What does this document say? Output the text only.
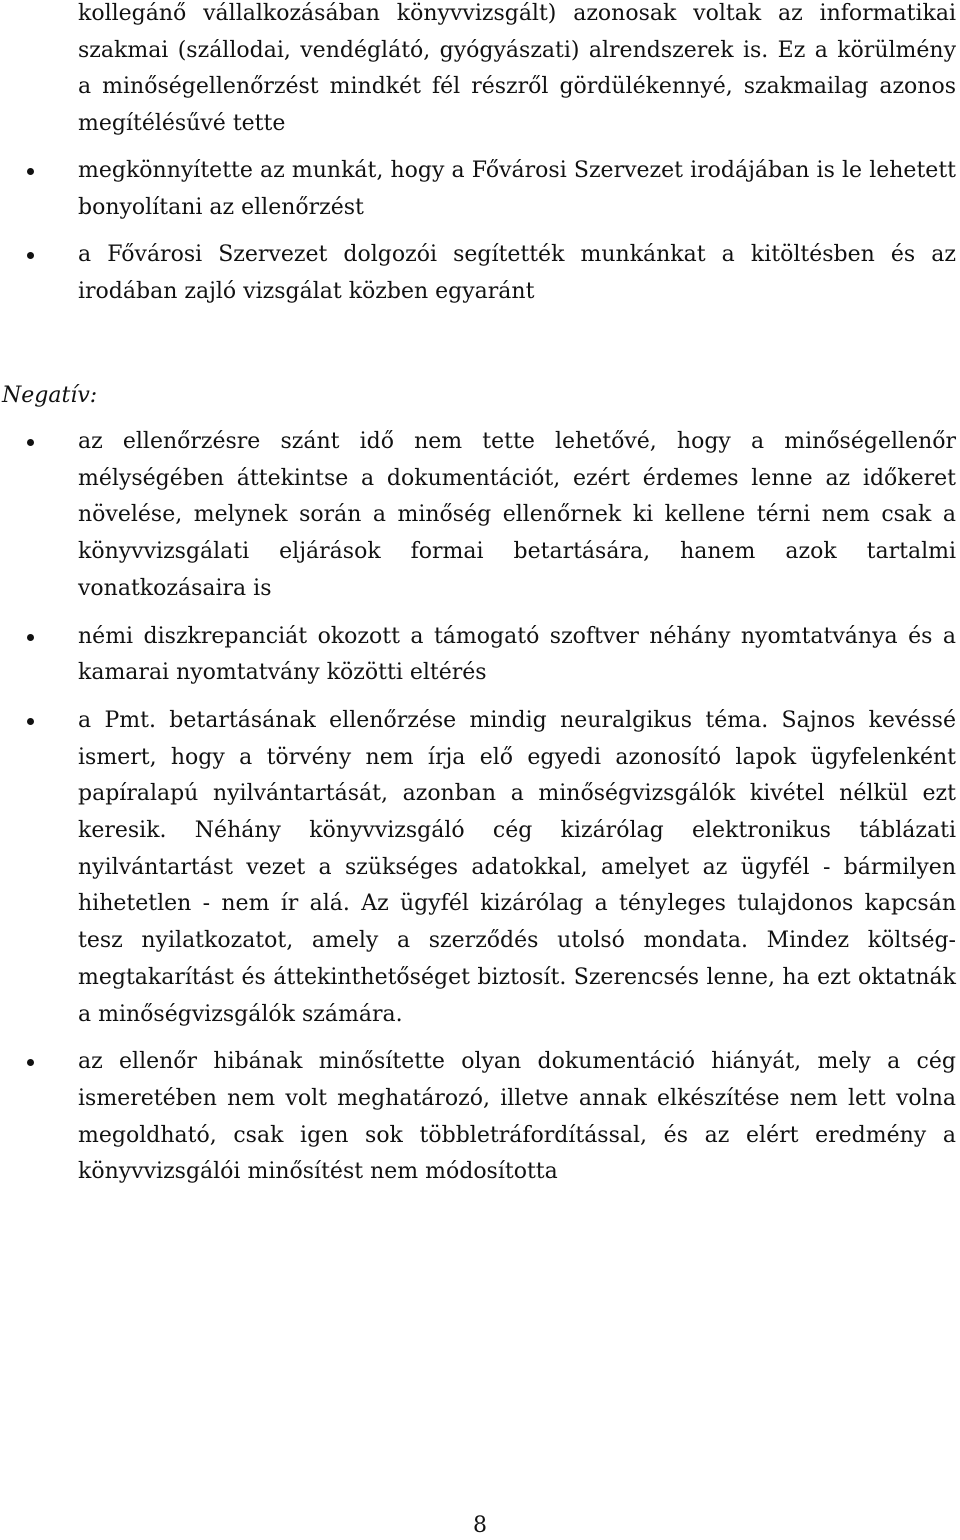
kollegánő vállalkozásában könyvvizsgált) azonosak voltak az informatikai szakmai (szállodai, vendéglátó, gyógyászati) alrendszerek is. Ez a körülmény a minőségellenőrzést mindkét fél részről gördülékennyé, szakmailag azonos megítélésűvé tette
megkönnyítette az munkát, hogy a Fővárosi Szervezet irodájában is le lehetett bonyolítani az ellenőrzést
a Fővárosi Szervezet dolgozói segítették munkánkat a kitöltésben és az irodában zajló vizsgálat közben egyaránt
Negatív:
az ellenőrzésre szánt idő nem tette lehetővé, hogy a minőségellenőr mélységében áttekintse a dokumentációt, ezért érdemes lenne az időkeret növelése, melynek során a minőség ellenőrnek ki kellene térni nem csak a könyvvizsgálati eljárások formai betartására, hanem azok tartalmi vonatkozásaira is
némi diszkrepanciát okozott a támogató szoftver néhány nyomtatványa és a kamarai nyomtatvány közötti eltérés
a Pmt. betartásának ellenőrzése mindig neuralgikus téma. Sajnos kevéssé ismert, hogy a törvény nem írja elő egyedi azonosító lapok ügyfelenként papíralapú nyilvántartását, azonban a minőségvizsgálók kivétel nélkül ezt keresik. Néhány könyvvizsgáló cég kizárólag elektronikus táblázati nyilvántartást vezet a szükséges adatokkal, amelyet az ügyfél - bármilyen hihetetlen - nem ír alá. Az ügyfél kizárólag a tényleges tulajdonos kapcsán tesz nyilatkozatot, amely a szerződés utolsó mondata. Mindez költség-megtakarítást és áttekinthetőséget biztosít. Szerencsés lenne, ha ezt oktatnák a minőségvizsgálók számára.
az ellenőr hibának minősítette olyan dokumentáció hiányát, mely a cég ismeretében nem volt meghatározó, illetve annak elkészítése nem lett volna megoldható, csak igen sok többletráfordítással, és az elért eredmény a könyvvizsgálói minősítést nem módosította
8
